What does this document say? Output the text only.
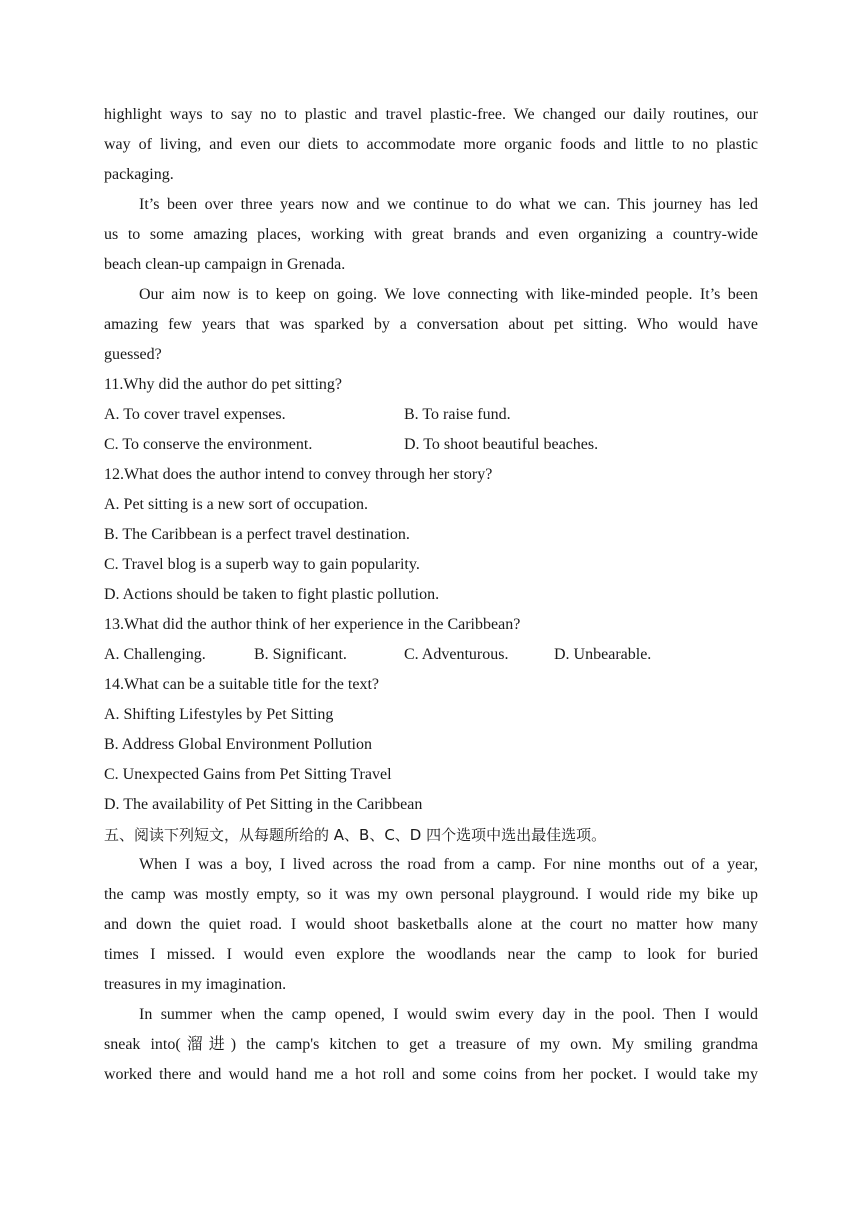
highlight ways to say no to plastic and travel plastic-free. We changed our daily routines, our
way of living, and even our diets to accommodate more organic foods and little to no plastic
packaging.
It’s been over three years now and we continue to do what we can. This journey has led
us to some amazing places, working with great brands and even organizing a country-wide
beach clean-up campaign in Grenada.
Our aim now is to keep on going. We love connecting with like-minded people. It’s been
amazing few years that was sparked by a conversation about pet sitting. Who would have
guessed?
11.Why did the author do pet sitting?
A. To cover travel expenses.	B. To raise fund.
C. To conserve the environment.	D. To shoot beautiful beaches.
12.What does the author intend to convey through her story?
A. Pet sitting is a new sort of occupation.
B. The Caribbean is a perfect travel destination.
C. Travel blog is a superb way to gain popularity.
D. Actions should be taken to fight plastic pollution.
13.What did the author think of her experience in the Caribbean?
A. Challenging.	B. Significant.	C. Adventurous.	D. Unbearable.
14.What can be a suitable title for the text?
A. Shifting Lifestyles by Pet Sitting
B. Address Global Environment Pollution
C. Unexpected Gains from Pet Sitting Travel
D. The availability of Pet Sitting in the Caribbean
五、阅读下列短文，从每题所给的 A、B、C、D 四个选项中选出最佳选项。
When I was a boy, I lived across the road from a camp. For nine months out of a year,
the camp was mostly empty, so it was my own personal playground. I would ride my bike up
and down the quiet road. I would shoot basketballs alone at the court no matter how many
times I missed. I would even explore the woodlands near the camp to look for buried
treasures in my imagination.
In summer when the camp opened, I would swim every day in the pool. Then I would
sneak into(溜进) the camp's kitchen to get a treasure of my own. My smiling grandma
worked there and would hand me a hot roll and some coins from her pocket. I would take my
